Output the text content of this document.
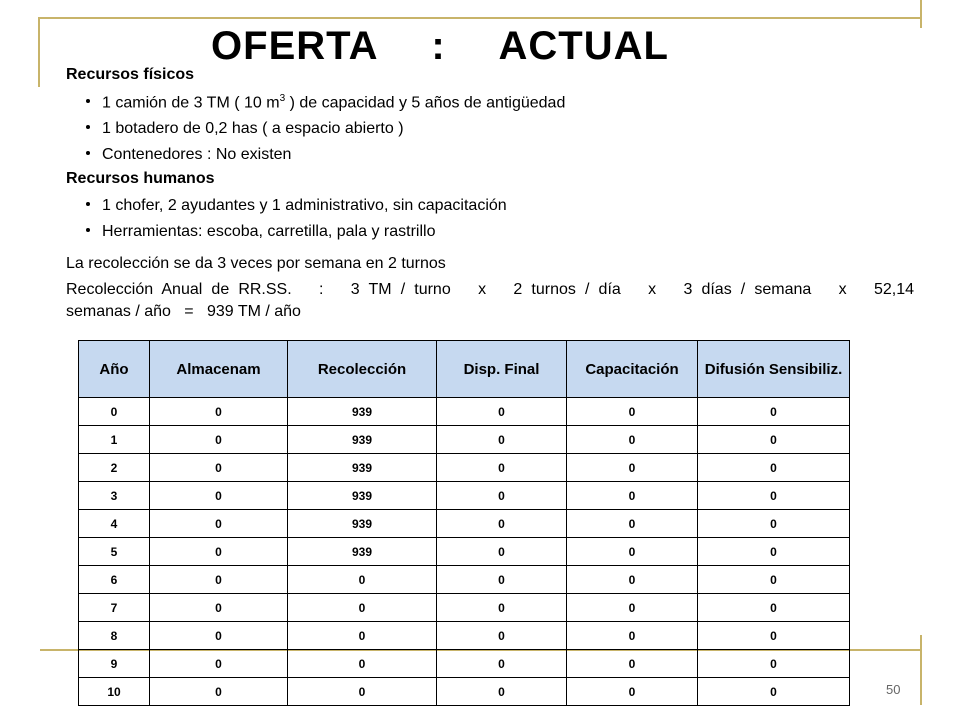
OFERTA   :   ACTUAL
Recursos físicos
1 camión de 3 TM ( 10 $m^3$ ) de capacidad y 5 años de antigüedad
1 botadero de 0,2 has ( a espacio abierto )
Contenedores : No existen
Recursos humanos
1 chofer, 2 ayudantes y 1 administrativo, sin capacitación
Herramientas: escoba, carretilla, pala y rastrillo
La recolección se da 3 veces por semana en 2 turnos
Recolección Anual de RR.SS.   :   3 TM / turno   x   2 turnos / día   x   3 días / semana   x   52,14
semanas / año   =   939 TM / año
Año	Almacenam	Recolección	Disp. Final	Capacitación	Difusión Sensibiliz.
0	0	939	0	0	0
1	0	939	0	0	0
2	0	939	0	0	0
3	0	939	0	0	0
4	0	939	0	0	0
5	0	939	0	0	0
6	0	0	0	0	0
7	0	0	0	0	0
8	0	0	0	0	0
9	0	0	0	0	0
10	0	0	0	0	0	50
